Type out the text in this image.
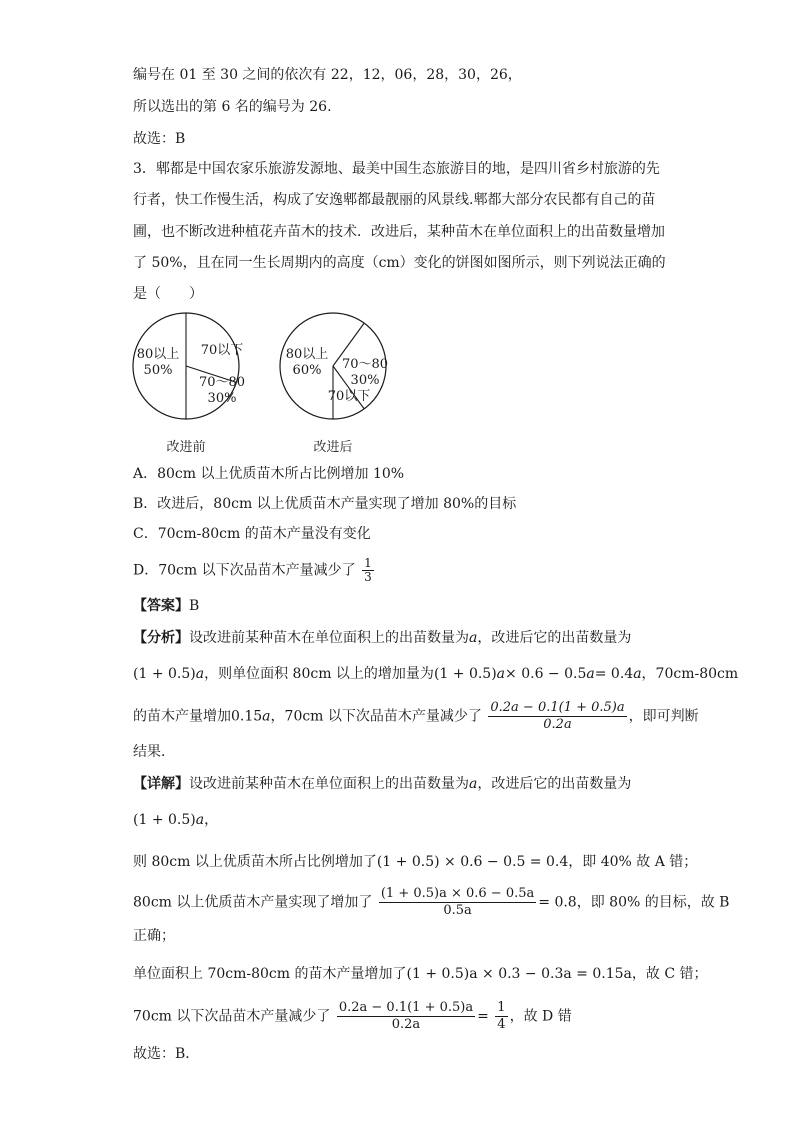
编号在 01 至 30 之间的依次有 22，12，06，28，30，26，
所以选出的第 6 名的编号为 26.
故选：B
3．郫都是中国农家乐旅游发源地、最美中国生态旅游目的地，是四川省乡村旅游的先
行者，快工作慢生活，构成了安逸郫都最靓丽的风景线.郫都大部分农民都有自己的苗
圃，也不断改进种植花卉苗木的技术．改进后，某种苗木在单位面积上的出苗数量增加
了 50%，且在同一生长周期内的高度（cm）变化的饼图如图所示，则下列说法正确的
是（　　）
80以上
50%
70～80
30%
70以下
改进前
80以上
60% 70～80
30%
70以下
改进后
A．80cm 以上优质苗木所占比例增加 10%
B．改进后，80cm 以上优质苗木产量实现了增加 80%的目标
C．70cm-80cm 的苗木产量没有变化
D．70cm 以下次品苗木产量减少了 $\frac{1}{3}$
【答案】B
【分析】设改进前某种苗木在单位面积上的出苗数量为a，改进后它的出苗数量为
(1 + 0.5)a，则单位面积 80cm 以上的增加量为(1 + 0.5)a× 0.6 − 0.5a= 0.4a，70cm-80cm
的苗木产量增加0.15a，70cm 以下次品苗木产量减少了 $\frac{0.2a - 0.1(1 + 0.5)a}{0.2a}$ ，即可判断
结果．
【详解】设改进前某种苗木在单位面积上的出苗数量为a，改进后它的出苗数量为
(1 + 0.5)a，
则 80cm 以上优质苗木所占比例增加了(1 + 0.5) × 0.6 − 0.5 = 0.4，即 40% 故 A 错；
80cm 以上优质苗木产量实现了增加了 $\frac{(1 + 0.5)a \times 0.6 - 0.5a}{0.5a} = 0.8$，即 80% 的目标，故 B
正确；
单位面积上 70cm-80cm 的苗木产量增加了(1 + 0.5)a × 0.3 − 0.3a = 0.15a，故 C 错；
70cm 以下次品苗木产量减少了 $\frac{0.2a - 0.1(1 + 0.5)a}{0.2a} = \frac{1}{4}$ ，故 D 错
故选：B．
